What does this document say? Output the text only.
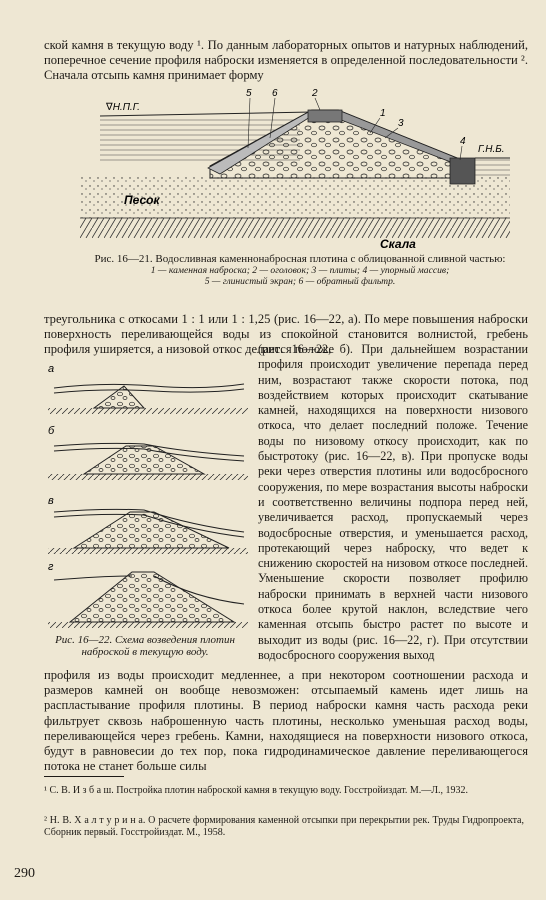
ской камня в текущую воду ¹. По данным лабораторных опытов и натурных наблюдений, поперечное сечение профиля наброски изменяется в определенной последовательности ². Сначала отсыпь камня принимает форму

∇Н.П.Г.
Г.Н.Б.
Песок
Скала
5 6	2
1
3
4

Рис. 16—21. Водосливная каменнонабросная плотина с облицованной сливной частью:
1 — каменная наброска; 2 — оголовок; 3 — плиты; 4 — упорный массив;
5 — глинистый экран; 6 — обратный фильтр.

треугольника с откосами 1 : 1 или 1 : 1,25 (рис. 16—22, а). По мере повышения наброски поверхность переливающейся воды из спокойной становится волнистой, гребень профиля уширяется, а низовой откос делается положе

а
б
в
г

Рис. 16—22. Схема возведения плотин наброской в текущую воду.

(рис. 16—22, б). При дальнейшем возрастании профиля происходит увеличение перепада перед ним, возрастают также скорости потока, под воздействием которых происходит скатывание камней, находящихся на поверхности низового откоса, что делает последний положе. Течение воды по низовому откосу происходит, как по быстротоку (рис. 16—22, в). При пропуске воды реки через отверстия плотины или водосбросного сооружения, по мере возрастания высоты наброски и соответственно величины подпора перед ней, увеличивается расход, пропускаемый через водосбросные отверстия, и уменьшается расход, протекающий через наброску, что ведет к снижению скоростей на низовом откосе последней. Уменьшение скорости позволяет профилю наброски принимать в верхней части низового откоса более крутой наклон, вследствие чего каменная отсыпь быстро растет по высоте и выходит из воды (рис. 16—22, г). При отсутствии водосбросного сооружения выход

профиля из воды происходит медленнее, а при некотором соотношении расхода и размеров камней он вообще невозможен: отсыпаемый камень идет лишь на распластывание профиля плотины. В период наброски камня часть расхода реки фильтрует сквозь наброшенную часть плотины, несколько уменьшая расход воды, переливающейся через гребень. Камни, находящиеся на поверхности низового откоса, будут в равновесии до тех пор, пока гидродинамическое давление переливающегося потока не станет больше силы

¹ С. В. И з б а ш. Постройка плотин наброской камня в текущую воду. Госстройиздат. М.—Л., 1932.

² Н. В. Х а л т у р и н а. О расчете формирования каменной отсыпки при перекрытии рек. Труды Гидропроекта, Сборник первый. Госстройиздат. М., 1958.

290
